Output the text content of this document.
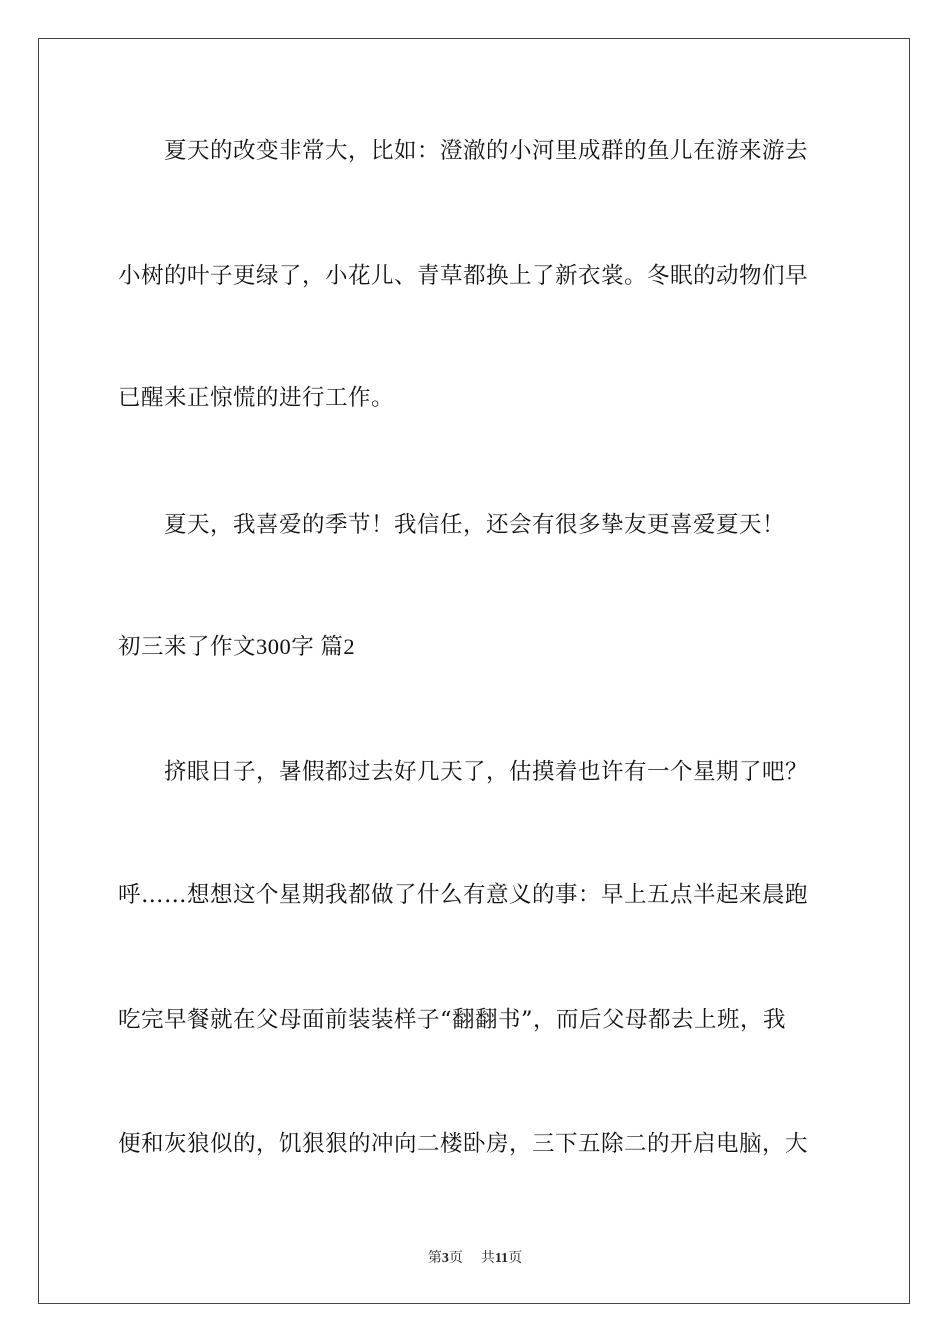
夏天的改变非常大，比如：澄澈的小河里成群的鱼儿在游来游去
小树的叶子更绿了，小花儿、青草都换上了新衣裳。冬眠的动物们早
已醒来正惊慌的进行工作。
夏天，我喜爱的季节！我信任，还会有很多挚友更喜爱夏天！
初三来了作文300字 篇2
挤眼日子，暑假都过去好几天了，估摸着也许有一个星期了吧？
呼……想想这个星期我都做了什么有意义的事：早上五点半起来晨跑
吃完早餐就在父母面前装装样子“翻翻书”，而后父母都去上班，我
便和灰狼似的，饥狠狠的冲向二楼卧房，三下五除二的开启电脑，大
第3页 共11页
